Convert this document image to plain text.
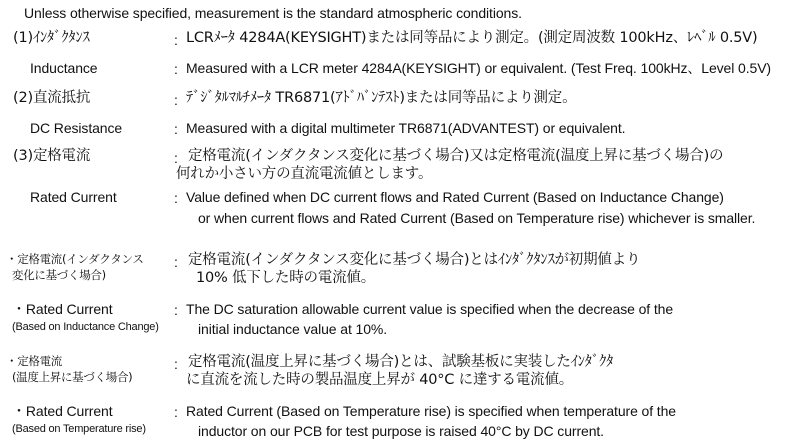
Unless otherwise specified, measurement is the standard atmospheric conditions.
(1)ｲﾝﾀﾞｸﾀﾝｽ	: LCRﾒｰﾀ 4284A(KEYSIGHT)または同等品により測定。(測定周波数 100kHz、ﾚﾍﾞﾙ 0.5V)
Inductance	: Measured with a LCR meter 4284A(KEYSIGHT) or equivalent. (Test Freq. 100kHz、Level 0.5V)
(2)直流抵抗	: ﾃﾞｼﾞﾀﾙﾏﾙﾁﾒｰﾀ TR6871(ｱﾄﾞﾊﾞﾝﾃｽﾄ)または同等品により測定。
DC Resistance	: Measured with a digital multimeter TR6871(ADVANTEST) or equivalent.
(3)定格電流	: 定格電流(インダクタンス変化に基づく場合)又は定格電流(温度上昇に基づく場合)の
何れか小さい方の直流電流値とします。
Rated Current	: Value defined when DC current flows and Rated Current (Based on Inductance Change)
or when current flows and Rated Current (Based on Temperature rise) whichever is smaller.
・定格電流(インダクタンス
変化に基づく場合)
: 定格電流(インダクタンス変化に基づく場合)とはｲﾝﾀﾞｸﾀﾝｽが初期値より
10% 低下した時の電流値。
・Rated Current
(Based on Inductance Change)
: The DC saturation allowable current value is specified when the decrease of the
initial inductance value at 10%.
・定格電流
(温度上昇に基づく場合)
: 定格電流(温度上昇に基づく場合)とは、試験基板に実装したｲﾝﾀﾞｸﾀ
に直流を流した時の製品温度上昇が 40°C に達する電流値。
・Rated Current
(Based on Temperature rise)
: Rated Current (Based on Temperature rise) is specified when temperature of the
inductor on our PCB for test purpose is raised 40°C by DC current.
